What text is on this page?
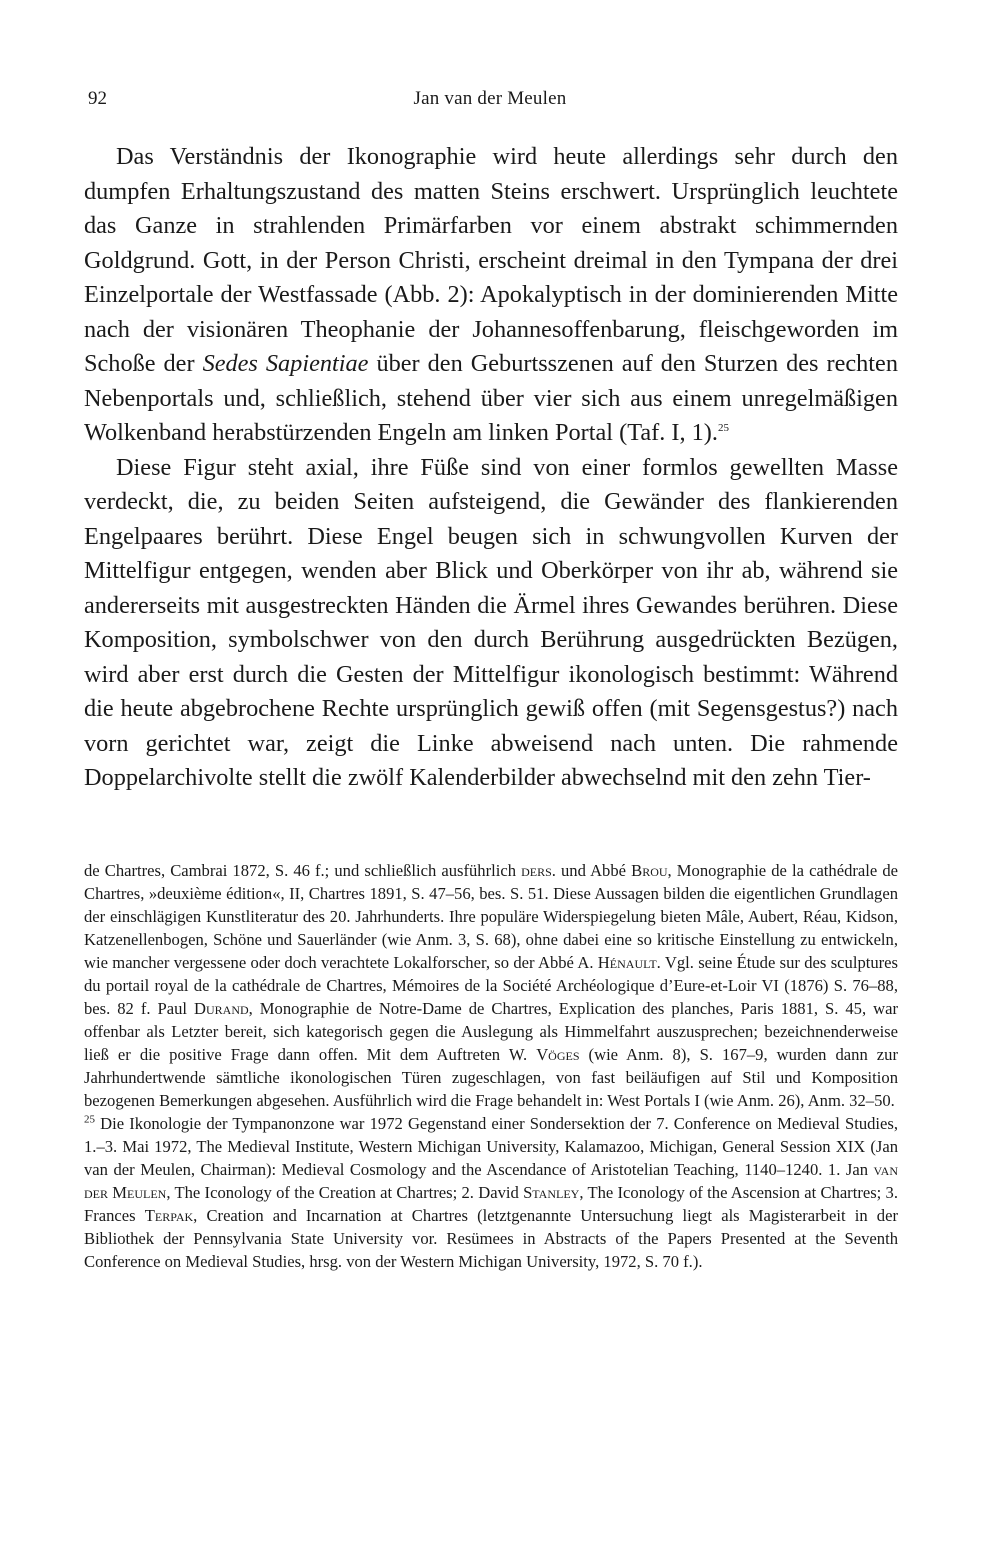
92	Jan van der Meulen

Das Verständnis der Ikonographie wird heute allerdings sehr durch den dumpfen Erhaltungszustand des matten Steins erschwert. Ursprünglich leuchtete das Ganze in strahlenden Primärfarben vor einem abstrakt schimmernden Goldgrund. Gott, in der Person Christi, erscheint dreimal in den Tympana der drei Einzelportale der Westfassade (Abb. 2): Apokalyptisch in der dominierenden Mitte nach der visionären Theophanie der Johannesoffenbarung, fleischgeworden im Schoße der Sedes Sapientiae über den Geburtsszenen auf den Sturzen des rechten Nebenportals und, schließlich, stehend über vier sich aus einem unregelmäßigen Wolkenband herabstürzenden Engeln am linken Portal (Taf. I, 1).$^{25}$

Diese Figur steht axial, ihre Füße sind von einer formlos gewellten Masse verdeckt, die, zu beiden Seiten aufsteigend, die Gewänder des flankierenden Engelpaares berührt. Diese Engel beugen sich in schwungvollen Kurven der Mittelfigur entgegen, wenden aber Blick und Oberkörper von ihr ab, während sie andererseits mit ausgestreckten Händen die Ärmel ihres Gewandes berühren. Diese Komposition, symbolschwer von den durch Berührung ausgedrückten Bezügen, wird aber erst durch die Gesten der Mittelfigur ikonologisch bestimmt: Während die heute abgebrochene Rechte ursprünglich gewiß offen (mit Segensgestus?) nach vorn gerichtet war, zeigt die Linke abweisend nach unten. Die rahmende Doppelarchivolte stellt die zwölf Kalenderbilder abwechselnd mit den zehn Tier-

de Chartres, Cambrai 1872, S. 46 f.; und schließlich ausführlich ders. und Abbé Brou, Monographie de la cathédrale de Chartres, »deuxième édition«, II, Chartres 1891, S. 47–56, bes. S. 51. Diese Aussagen bilden die eigentlichen Grundlagen der einschlägigen Kunstliteratur des 20. Jahrhunderts. Ihre populäre Widerspiegelung bieten Mâle, Aubert, Réau, Kidson, Katzenellenbogen, Schöne und Sauerländer (wie Anm. 3, S. 68), ohne dabei eine so kritische Einstellung zu entwickeln, wie mancher vergessene oder doch verachtete Lokalforscher, so der Abbé A. Hénault. Vgl. seine Étude sur des sculptures du portail royal de la cathédrale de Chartres, Mémoires de la Société Archéologique d’Eure-et-Loir VI (1876) S. 76–88, bes. 82 f. Paul Durand, Monographie de Notre-Dame de Chartres, Explication des planches, Paris 1881, S. 45, war offenbar als Letzter bereit, sich kategorisch gegen die Auslegung als Himmelfahrt auszusprechen; bezeichnenderweise ließ er die positive Frage dann offen. Mit dem Auftreten W. Vöges (wie Anm. 8), S. 167–9, wurden dann zur Jahrhundertwende sämtliche ikonologischen Türen zugeschlagen, von fast beiläufigen auf Stil und Komposition bezogenen Bemerkungen abgesehen. Ausführlich wird die Frage behandelt in: West Portals I (wie Anm. 26), Anm. 32–50.

$^{25}$ Die Ikonologie der Tympanonzone war 1972 Gegenstand einer Sondersektion der 7. Conference on Medieval Studies, 1.–3. Mai 1972, The Medieval Institute, Western Michigan University, Kalamazoo, Michigan, General Session XIX (Jan van der Meulen, Chairman): Medieval Cosmology and the Ascendance of Aristotelian Teaching, 1140–1240. 1. Jan van der Meulen, The Iconology of the Creation at Chartres; 2. David Stanley, The Iconology of the Ascension at Chartres; 3. Frances Terpak, Creation and Incarnation at Chartres (letztgenannte Untersuchung liegt als Magisterarbeit in der Bibliothek der Pennsylvania State University vor. Resümees in Abstracts of the Papers Presented at the Seventh Conference on Medieval Studies, hrsg. von der Western Michigan University, 1972, S. 70 f.).
